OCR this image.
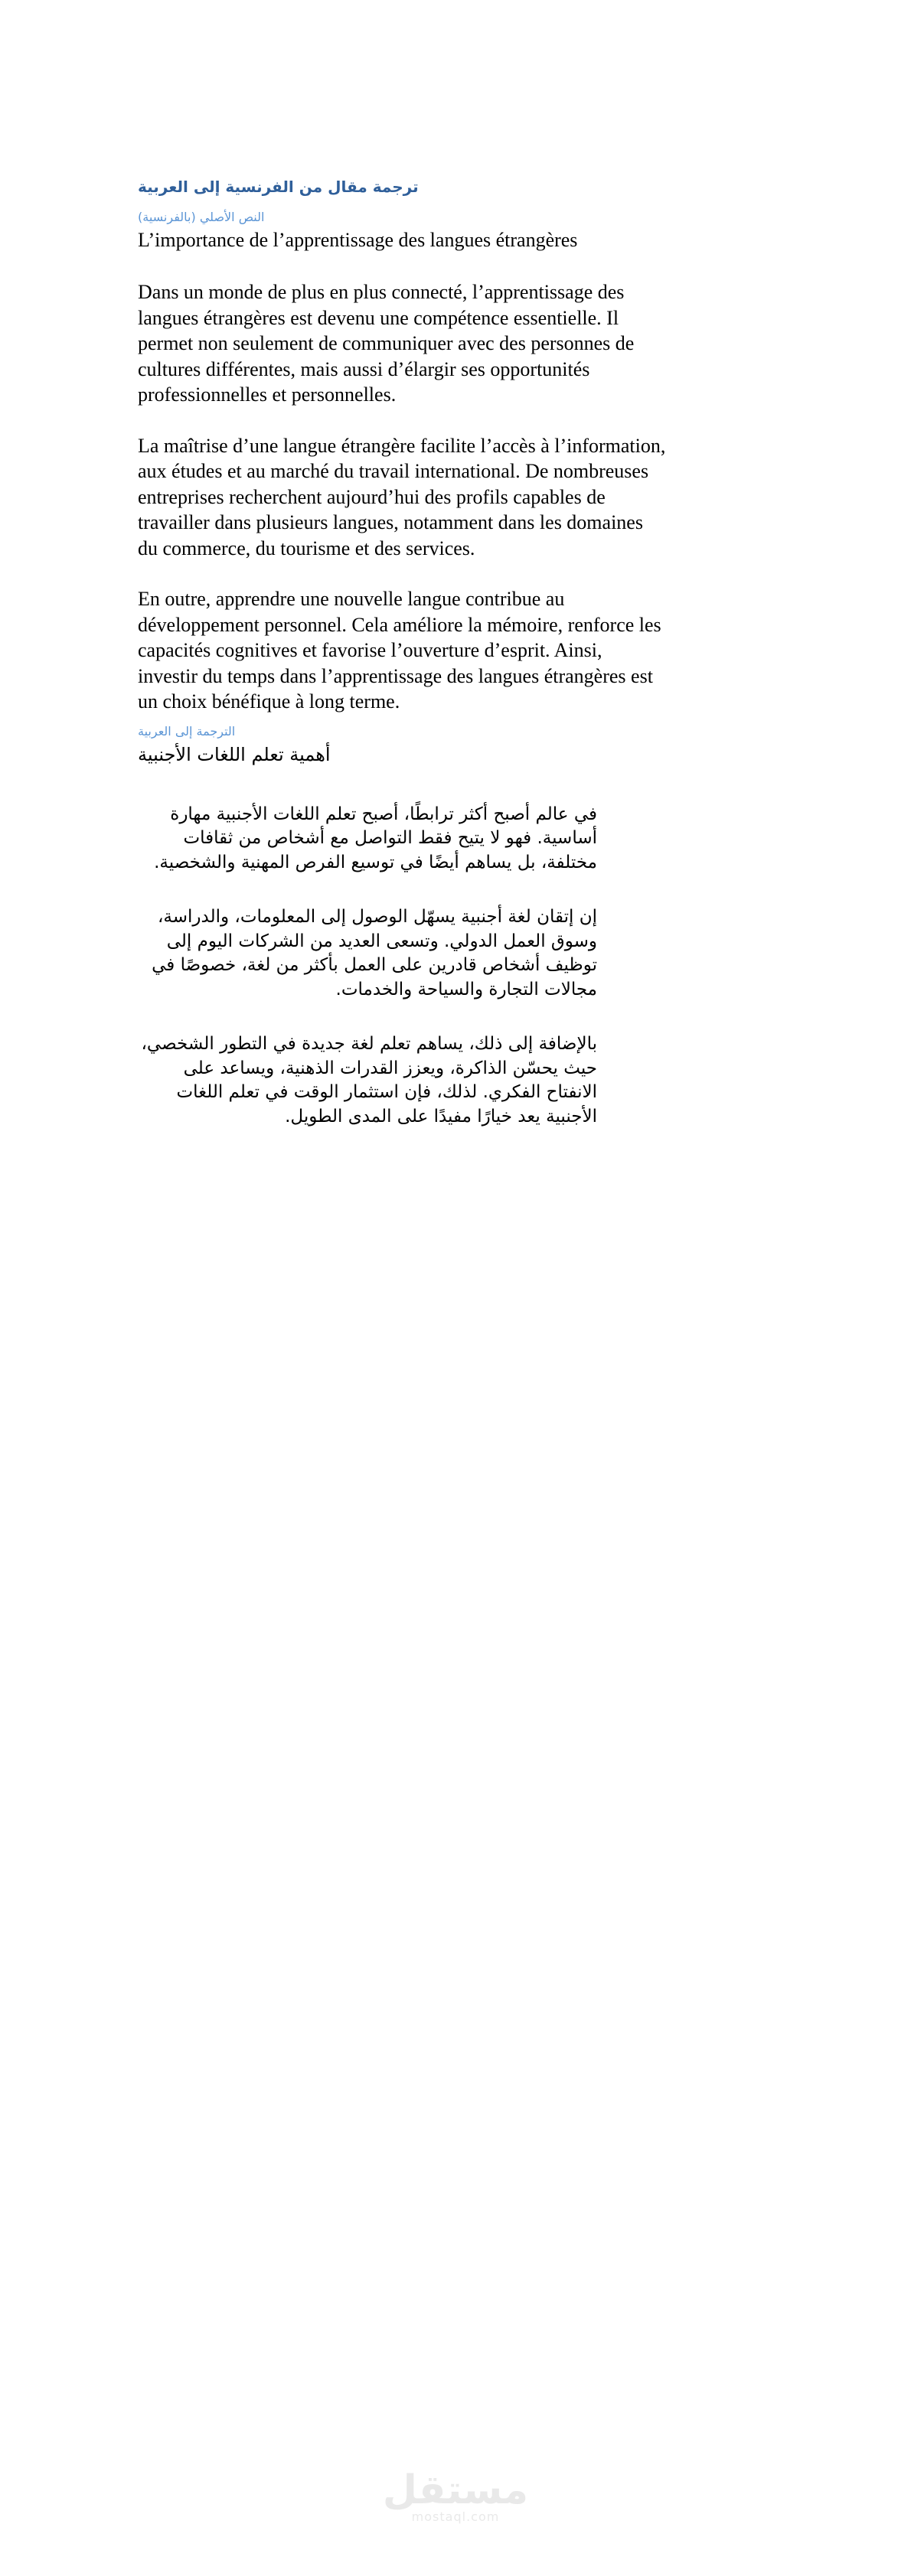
ترجمة مقال من الفرنسية إلى العربية
النص الأصلي (بالفرنسية)
L’importance de l’apprentissage des langues étrangères

Dans un monde de plus en plus connecté, l’apprentissage des langues étrangères est devenu une compétence essentielle. Il permet non seulement de communiquer avec des personnes de cultures différentes, mais aussi d’élargir ses opportunités professionnelles et personnelles.

La maîtrise d’une langue étrangère facilite l’accès à l’information, aux études et au marché du travail international. De nombreuses entreprises recherchent aujourd’hui des profils capables de travailler dans plusieurs langues, notamment dans les domaines du commerce, du tourisme et des services.

En outre, apprendre une nouvelle langue contribue au développement personnel. Cela améliore la mémoire, renforce les capacités cognitives et favorise l’ouverture d’esprit. Ainsi, investir du temps dans l’apprentissage des langues étrangères est un choix bénéfique à long terme.

الترجمة إلى العربية
أهمية تعلم اللغات الأجنبية

في عالم أصبح أكثر ترابطًا، أصبح تعلم اللغات الأجنبية مهارة أساسية. فهو لا يتيح فقط التواصل مع أشخاص من ثقافات مختلفة، بل يساهم أيضًا في توسيع الفرص المهنية والشخصية.

إن إتقان لغة أجنبية يسهّل الوصول إلى المعلومات، والدراسة، وسوق العمل الدولي. وتسعى العديد من الشركات اليوم إلى توظيف أشخاص قادرين على العمل بأكثر من لغة، خصوصًا في مجالات التجارة والسياحة والخدمات.

بالإضافة إلى ذلك، يساهم تعلم لغة جديدة في التطور الشخصي، حيث يحسّن الذاكرة، ويعزز القدرات الذهنية، ويساعد على الانفتاح الفكري. لذلك، فإن استثمار الوقت في تعلم اللغات الأجنبية يعد خيارًا مفيدًا على المدى الطويل.

مستقل
mostaql.com
